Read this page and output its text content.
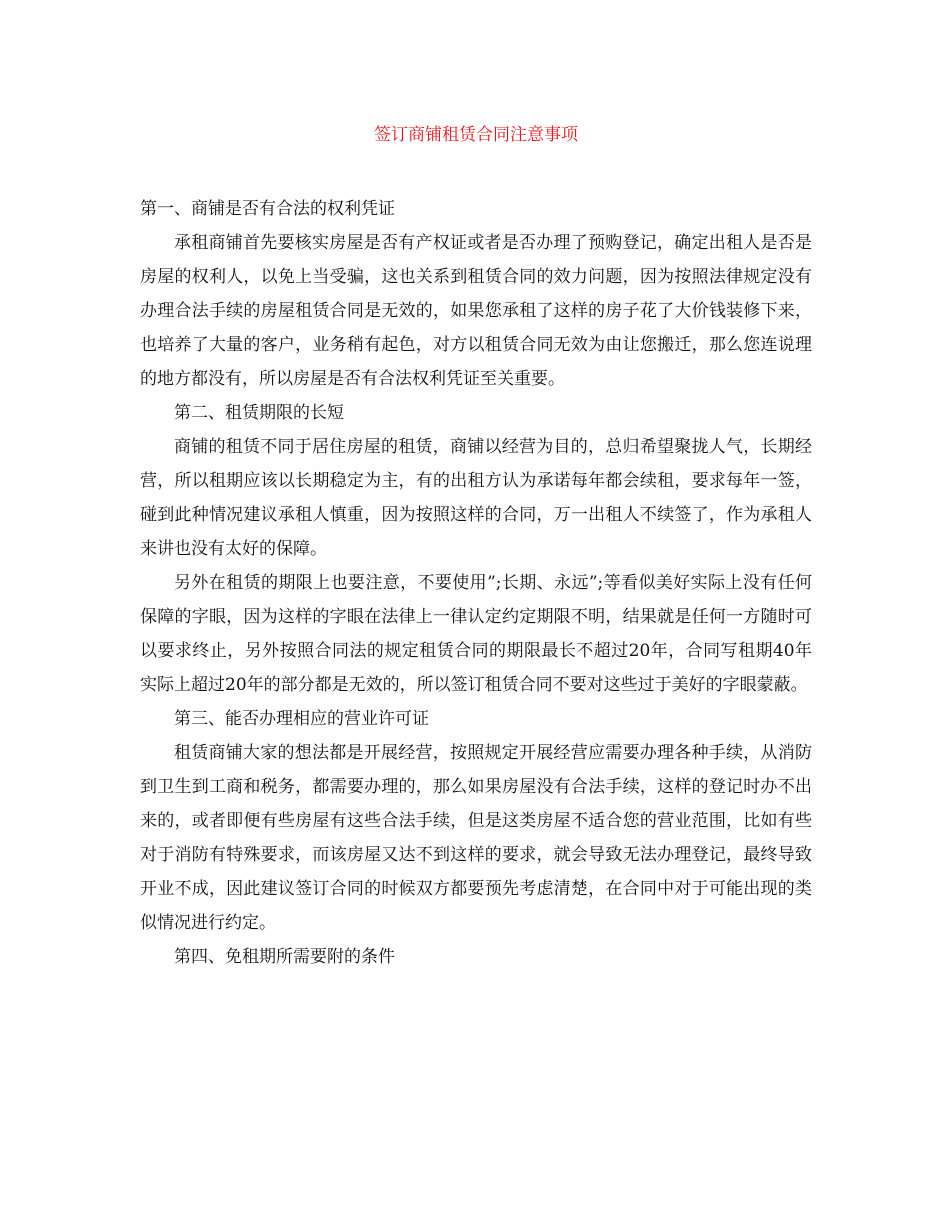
签订商铺租赁合同注意事项

第一、商铺是否有合法的权利凭证

承租商铺首先要核实房屋是否有产权证或者是否办理了预购登记，确定出租人是否是房屋的权利人，以免上当受骗，这也关系到租赁合同的效力问题，因为按照法律规定没有办理合法手续的房屋租赁合同是无效的，如果您承租了这样的房子花了大价钱装修下来，也培养了大量的客户，业务稍有起色，对方以租赁合同无效为由让您搬迁，那么您连说理的地方都没有，所以房屋是否有合法权利凭证至关重要。

第二、租赁期限的长短

商铺的租赁不同于居住房屋的租赁，商铺以经营为目的，总归希望聚拢人气，长期经营，所以租期应该以长期稳定为主，有的出租方认为承诺每年都会续租，要求每年一签，碰到此种情况建议承租人慎重，因为按照这样的合同，万一出租人不续签了，作为承租人来讲也没有太好的保障。

另外在租赁的期限上也要注意，不要使用”;长期、永远”;等看似美好实际上没有任何保障的字眼，因为这样的字眼在法律上一律认定约定期限不明，结果就是任何一方随时可以要求终止，另外按照合同法的规定租赁合同的期限最长不超过20年，合同写租期40年实际上超过20年的部分都是无效的，所以签订租赁合同不要对这些过于美好的字眼蒙蔽。

第三、能否办理相应的营业许可证

租赁商铺大家的想法都是开展经营，按照规定开展经营应需要办理各种手续，从消防到卫生到工商和税务，都需要办理的，那么如果房屋没有合法手续，这样的登记时办不出来的，或者即便有些房屋有这些合法手续，但是这类房屋不适合您的营业范围，比如有些对于消防有特殊要求，而该房屋又达不到这样的要求，就会导致无法办理登记，最终导致开业不成，因此建议签订合同的时候双方都要预先考虑清楚，在合同中对于可能出现的类似情况进行约定。

第四、免租期所需要附的条件
